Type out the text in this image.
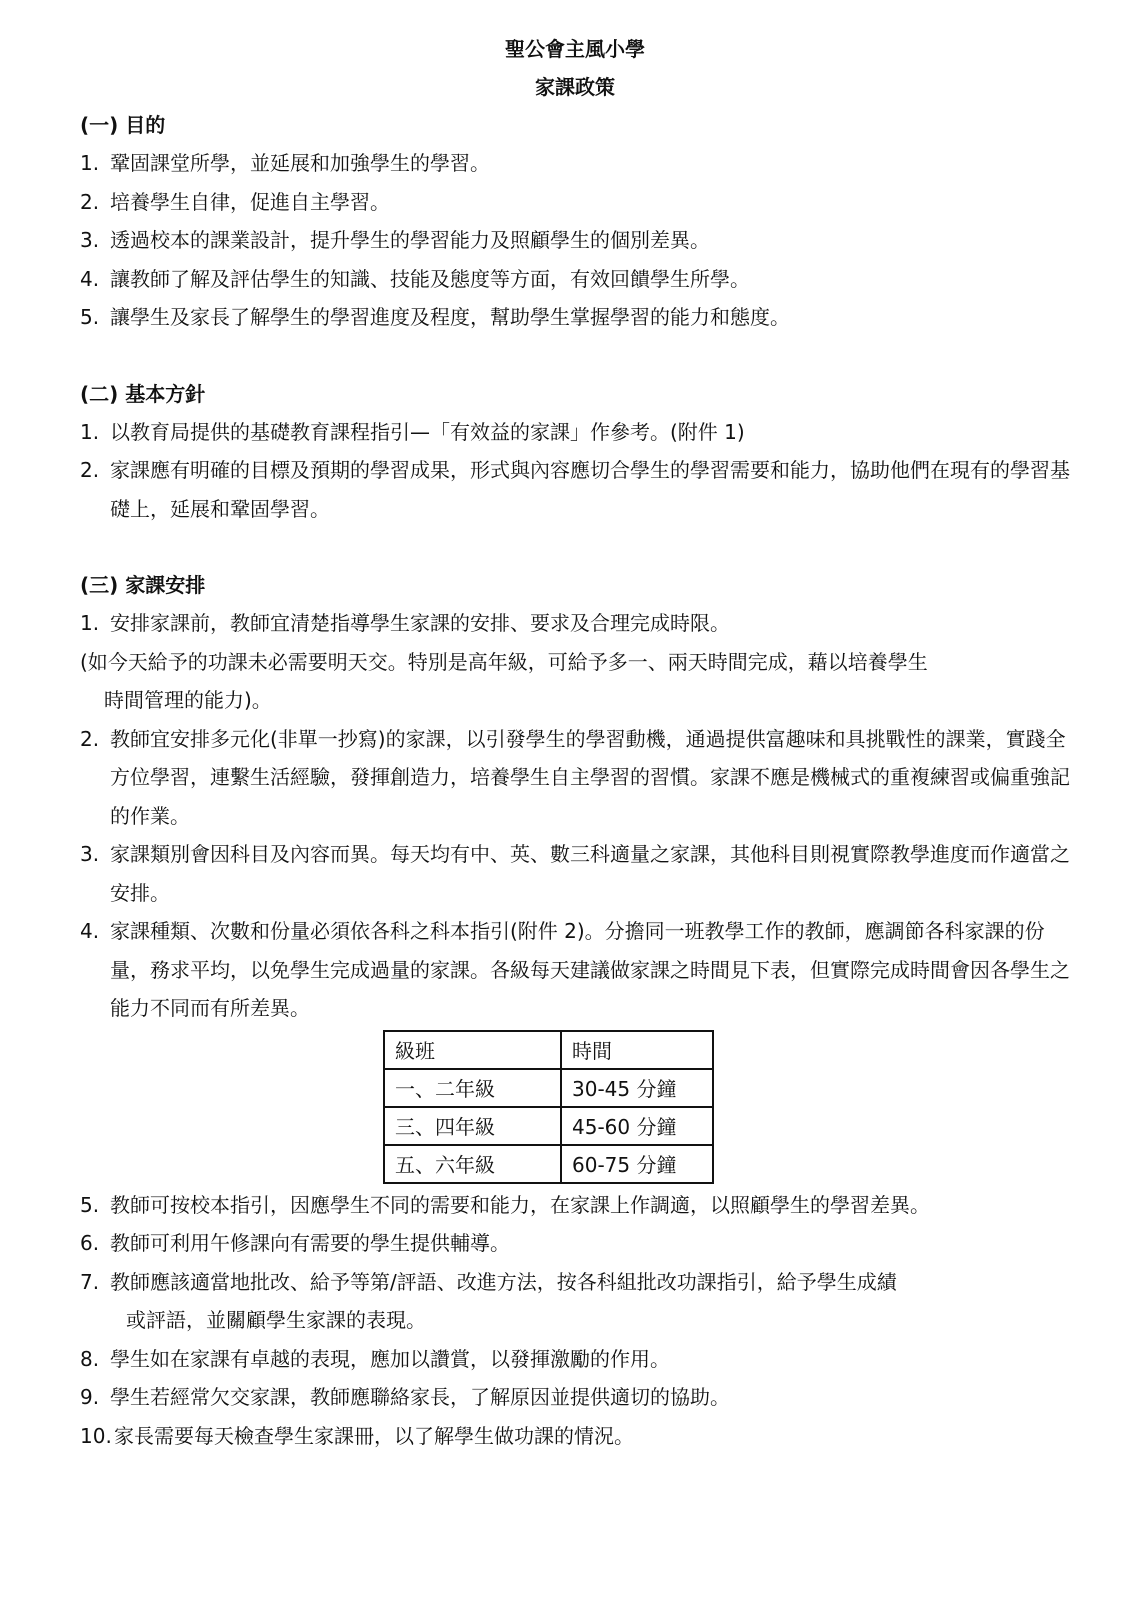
聖公會主風小學
家課政策
(一) 目的
1. 鞏固課堂所學，並延展和加強學生的學習。
2. 培養學生自律，促進自主學習。
3. 透過校本的課業設計，提升學生的學習能力及照顧學生的個別差異。
4. 讓教師了解及評估學生的知識、技能及態度等方面，有效回饋學生所學。
5. 讓學生及家長了解學生的學習進度及程度，幫助學生掌握學習的能力和態度。
(二) 基本方針
1. 以教育局提供的基礎教育課程指引—「有效益的家課」作參考。(附件 1)
2. 家課應有明確的目標及預期的學習成果，形式與內容應切合學生的學習需要和能力，協助他們在現有的學習基礎上，延展和鞏固學習。
(三) 家課安排
1. 安排家課前，教師宜清楚指導學生家課的安排、要求及合理完成時限。
(如今天給予的功課未必需要明天交。特別是高年級，可給予多一、兩天時間完成，藉以培養學生
時間管理的能力)。
2. 教師宜安排多元化(非單一抄寫)的家課，以引發學生的學習動機，通過提供富趣味和具挑戰性的課業，實踐全方位學習，連繫生活經驗，發揮創造力，培養學生自主學習的習慣。家課不應是機械式的重複練習或偏重強記的作業。
3. 家課類別會因科目及內容而異。每天均有中、英、數三科適量之家課，其他科目則視實際教學進度而作適當之安排。
4. 家課種類、次數和份量必須依各科之科本指引(附件 2)。分擔同一班教學工作的教師，應調節各科家課的份量，務求平均，以免學生完成過量的家課。各級每天建議做家課之時間見下表，但實際完成時間會因各學生之能力不同而有所差異。
級班	時間
一、二年級	30-45 分鐘
三、四年級	45-60 分鐘
五、六年級	60-75 分鐘
5. 教師可按校本指引，因應學生不同的需要和能力，在家課上作調適，以照顧學生的學習差異。
6. 教師可利用午修課向有需要的學生提供輔導。
7. 教師應該適當地批改、給予等第/評語、改進方法，按各科組批改功課指引，給予學生成績
或評語，並關顧學生家課的表現。
8. 學生如在家課有卓越的表現，應加以讚賞，以發揮激勵的作用。
9. 學生若經常欠交家課，教師應聯絡家長，了解原因並提供適切的協助。
10. 家長需要每天檢查學生家課冊，以了解學生做功課的情況。
